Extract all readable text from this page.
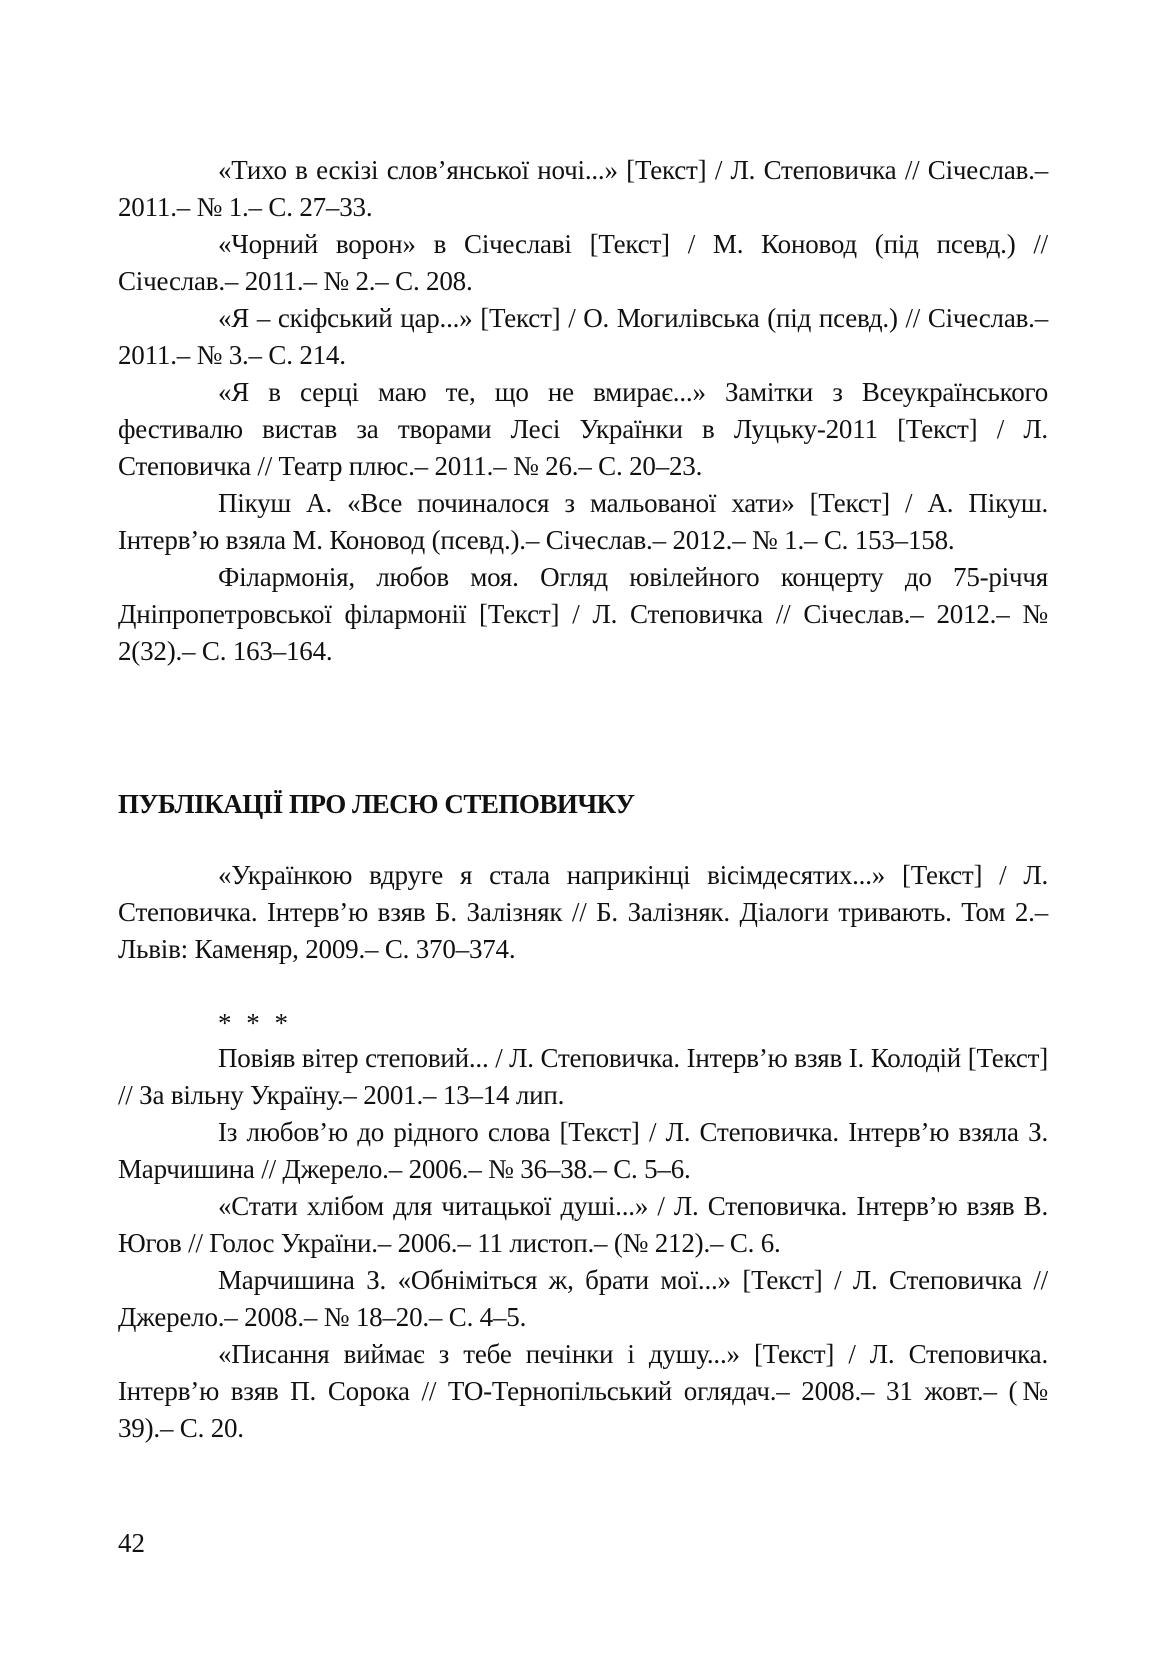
«Тихо в ескізі слов’янської ночі...» [Текст] / Л. Степовичка // Січеслав.– 2011.– № 1.– С. 27–33.

«Чорний ворон» в Січеславі [Текст] / М. Коновод (під псевд.) // Січеслав.– 2011.– № 2.– С. 208.

«Я – скіфський цар...» [Текст] / О. Могилівська (під псевд.) // Січеслав.– 2011.– № 3.– С. 214.

«Я в серці маю те, що не вмирає...» Замітки з Всеукраїнського фестивалю вистав за творами Лесі Українки в Луцьку-2011 [Текст] / Л. Степовичка // Театр плюс.– 2011.– № 26.– С. 20–23.

Пікуш А. «Все починалося з мальованої хати» [Текст] / А. Пікуш. Інтерв’ю взяла М. Коновод (псевд.).– Січеслав.– 2012.– № 1.– С. 153–158.

Філармонія, любов моя. Огляд ювілейного концерту до 75-річчя Дніпропетровської філармонії [Текст] / Л. Степовичка // Січеслав.– 2012.– № 2(32).– С. 163–164.

ПУБЛІКАЦІЇ ПРО ЛЕСЮ СТЕПОВИЧКУ

«Українкою вдруге я стала наприкінці вісімдесятих...» [Текст] / Л. Степовичка. Інтерв’ю взяв Б. Залізняк // Б. Залізняк. Діалоги тривають. Том 2.– Львів: Каменяр, 2009.– С. 370–374.

* * *

Повіяв вітер степовий... / Л. Степовичка. Інтерв’ю взяв І. Колодій [Текст] // За вільну Україну.– 2001.– 13–14 лип.

Із любов’ю до рідного слова [Текст] / Л. Степовичка. Інтерв’ю взяла З. Марчишина // Джерело.– 2006.– № 36–38.– С. 5–6.

«Стати хлібом для читацької душі...» / Л. Степовичка. Інтерв’ю взяв В. Югов // Голос України.– 2006.– 11 листоп.– (№ 212).– С. 6.

Марчишина З. «Обніміться ж, брати мої...» [Текст] / Л. Степовичка // Джерело.– 2008.– № 18–20.– С. 4–5.

«Писання виймає з тебе печінки і душу...» [Текст] / Л. Степовичка. Інтерв’ю взяв П. Сорока // ТО-Тернопільський оглядач.– 2008.– 31 жовт.– (№ 39).– С. 20.

42
